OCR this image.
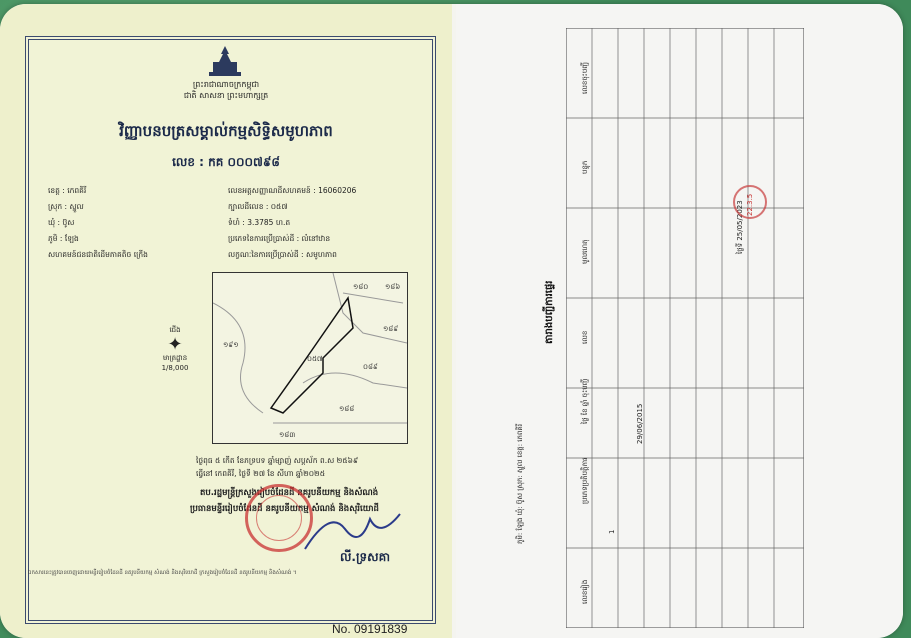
ព្រះរាជាណាចក្រកម្ពុជា
ជាតិ សាសនា ព្រះមហាក្សត្រ
វិញ្ញាបនបត្រសម្គាល់កម្មសិទ្ធិសមូហភាព
លេខ : កគ ០០០៧៩៨
ខេត្ត : កេពគិរី
ស្រុក : ស្នួល
ឃុំ : ប៊ូស
ភូមិ : ឡែង
សហគមន៍ជនជាតិដើមភាគតិច ក្រើង
លេខអត្តសញ្ញាណដីសហគមន៍ : 16060206
ក្បាលដីលេខ : ០៥៧
ទំហំ : 3.3785 ហ.ត
ប្រភេទនៃការប្រើប្រាស់ដី : លំនៅឋាន
លក្ខណៈនៃការប្រើប្រាស់ដី : សមូហភាព
ជើង
✦
មាត្រដ្ឋាន
1/8,000
១៨០ ១៨៦
១៨៩
១៩១
០៥៧
០៨៩
១៨៨
១៨៣
ថ្ងៃពុធ ៥ កើត ខែភទ្របទ ឆ្នាំម្សាញ់ សប្តស័ក ព.ស ២៥៦៩
ធ្វើនៅ កេពគិរី, ថ្ងៃទី ២៧ ខែ សីហា ឆ្នាំ២០២៥
តប.រដ្ឋមន្ត្រីក្រសួងរៀបចំដែនដី នគរូបនីយកម្ម និងសំណង់
ប្រធានមន្ទីររៀបចំដែនដី នគរូបនីយកម្ម សំណង់ និងសុរិយោដី
លី.ទ្រសគា
ឯកសារនេះ​ត្រូវបានចេញដោយមន្ទីររៀបចំដែនដី នគរូបនីយកម្ម សំណង់ និងសុរិយោដី ក្រសួងរៀបចំដែនដី នគរូបនីយកម្ម និងសំណង់ ។
No. 09191839
តារាងបញ្ជីការផ្ទេរ
ភូមិ: ឡែង ឃុំ: ប៊ូស ស្រុក: ស្នួល ខេត្ត: កេពគិរី
លេខរៀង
ប្រភេទប្រតិបត្តិការ
ថ្ងៃ ខែ ឆ្នាំ ចុះបញ្ជី
លេខ
មូលហេតុ
បន្ទុក
លេខចុះបញ្ជី
29/06/2015
1
ថ្ងៃទី 25/05/2023 22.3.5
